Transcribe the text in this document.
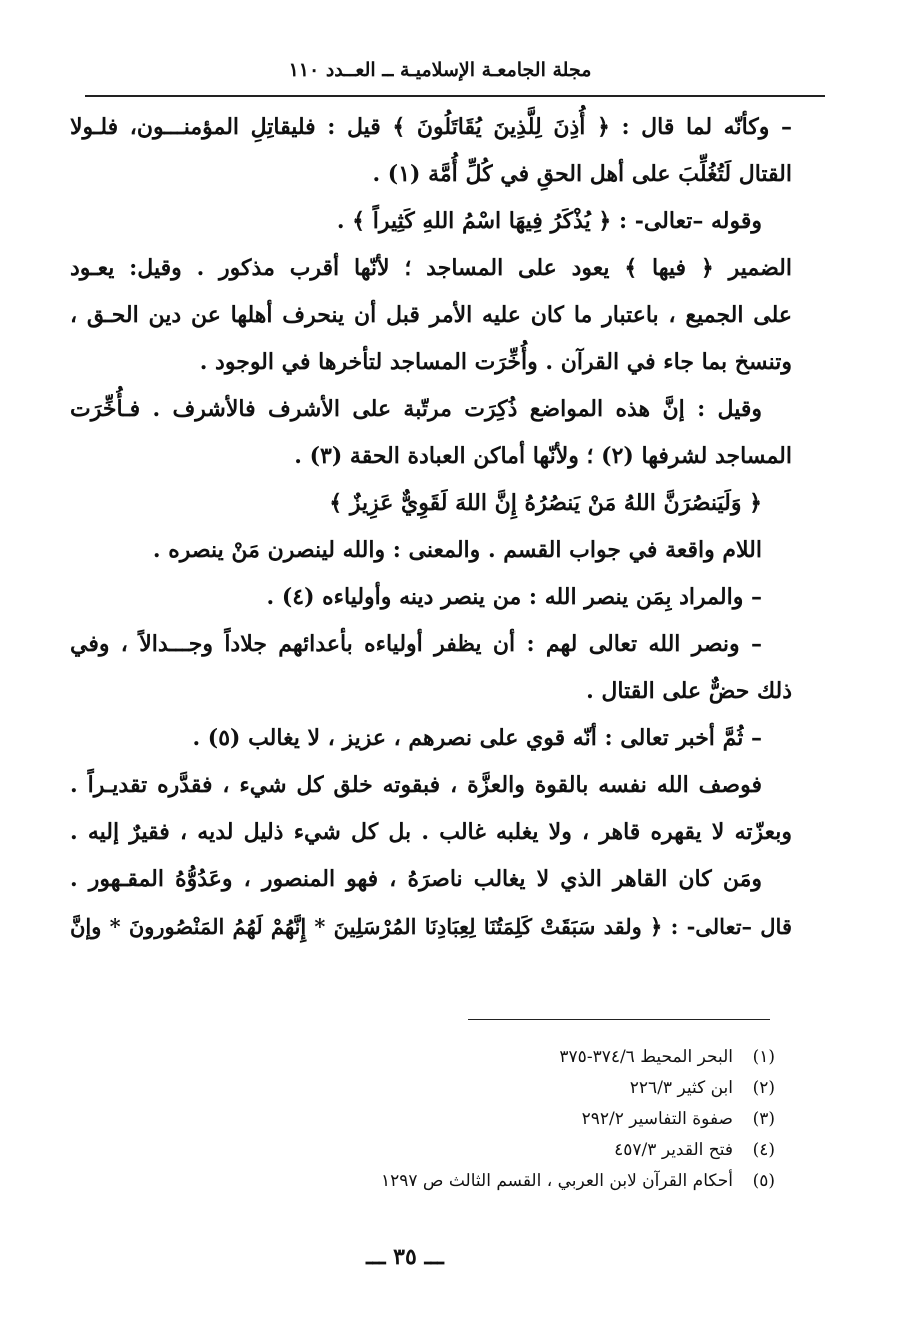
مجلة الجامعـة الإسلاميـة ــ العــدد ١١٠
– وكأنّه لما قال : ﴿ أُذِنَ لِلَّذِينَ يُقَاتَلُونَ ﴾ قيل : فليقاتِلِ المؤمنـــون، فلـولا
القتال لَتُغُلِّبَ على أهل الحقِ في كُلِّ أُمَّة (١) .
وقوله –تعالى- : ﴿ يُذْكَرُ فِيهَا اسْمُ اللهِ كَثِيراً ﴾ .
الضمير ﴿ فيها ﴾ يعود على المساجد ؛ لأنّها أقرب مذكور . وقيل: يعـود
على الجميع ، باعتبار ما كان عليه الأمر قبل أن ينحرف أهلها عن دين الحـق ،
وتنسخ بما جاء في القرآن . وأُخِّرَت المساجد لتأخرها في الوجود .
وقيل : إنَّ هذه المواضع ذُكِرَت مرتّبة على الأشرف فالأشرف . فـأُخِّرَت
المساجد لشرفها (٢) ؛ ولأنّها أماكن العبادة الحقة (٣) .
﴿ وَلَيَنصُرَنَّ اللهُ مَنْ يَنصُرُهُ إِنَّ اللهَ لَقَوِيٌّ عَزِيزٌ ﴾
اللام واقعة في جواب القسم . والمعنى : والله لينصرن مَنْ ينصره .
– والمراد بِمَن ينصر الله : من ينصر دينه وأولياءه (٤) .
– ونصر الله تعالى لهم : أن يظفر أولياءه بأعدائهم جلاداً وجـــدالاً ، وفي
ذلك حضٌّ على القتال .
– ثُمَّ أخبر تعالى : أنّه قوي على نصرهم ، عزيز ، لا يغالب (٥) .
فوصف الله نفسه بالقوة والعزَّة ، فبقوته خلق كل شيء ، فقدَّره تقديـراً .
وبعزّته لا يقهره قاهر ، ولا يغلبه غالب . بل كل شيء ذليل لديه ، فقيرٌ إليه .
ومَن كان القاهر الذي لا يغالب ناصرَهُ ، فهو المنصور ، وعَدُوُّهُ المقـهور .
قال –تعالى- : ﴿ ولقد سَبَقَتْ كَلِمَتُنَا لِعِبَادِنَا المُرْسَلِينَ * إِنَّهُمْ لَهُمُ المَنْصُورونَ * وإنَّ
(١)البحر المحيط ٣٧٤/٦-٣٧٥
(٢)ابن كثير ٢٢٦/٣
(٣)صفوة التفاسير ٢٩٢/٢
(٤)فتح القدير ٤٥٧/٣
(٥)أحكام القرآن لابن العربي ، القسم الثالث ص ١٢٩٧
ـــ ٣٥ ـــ
